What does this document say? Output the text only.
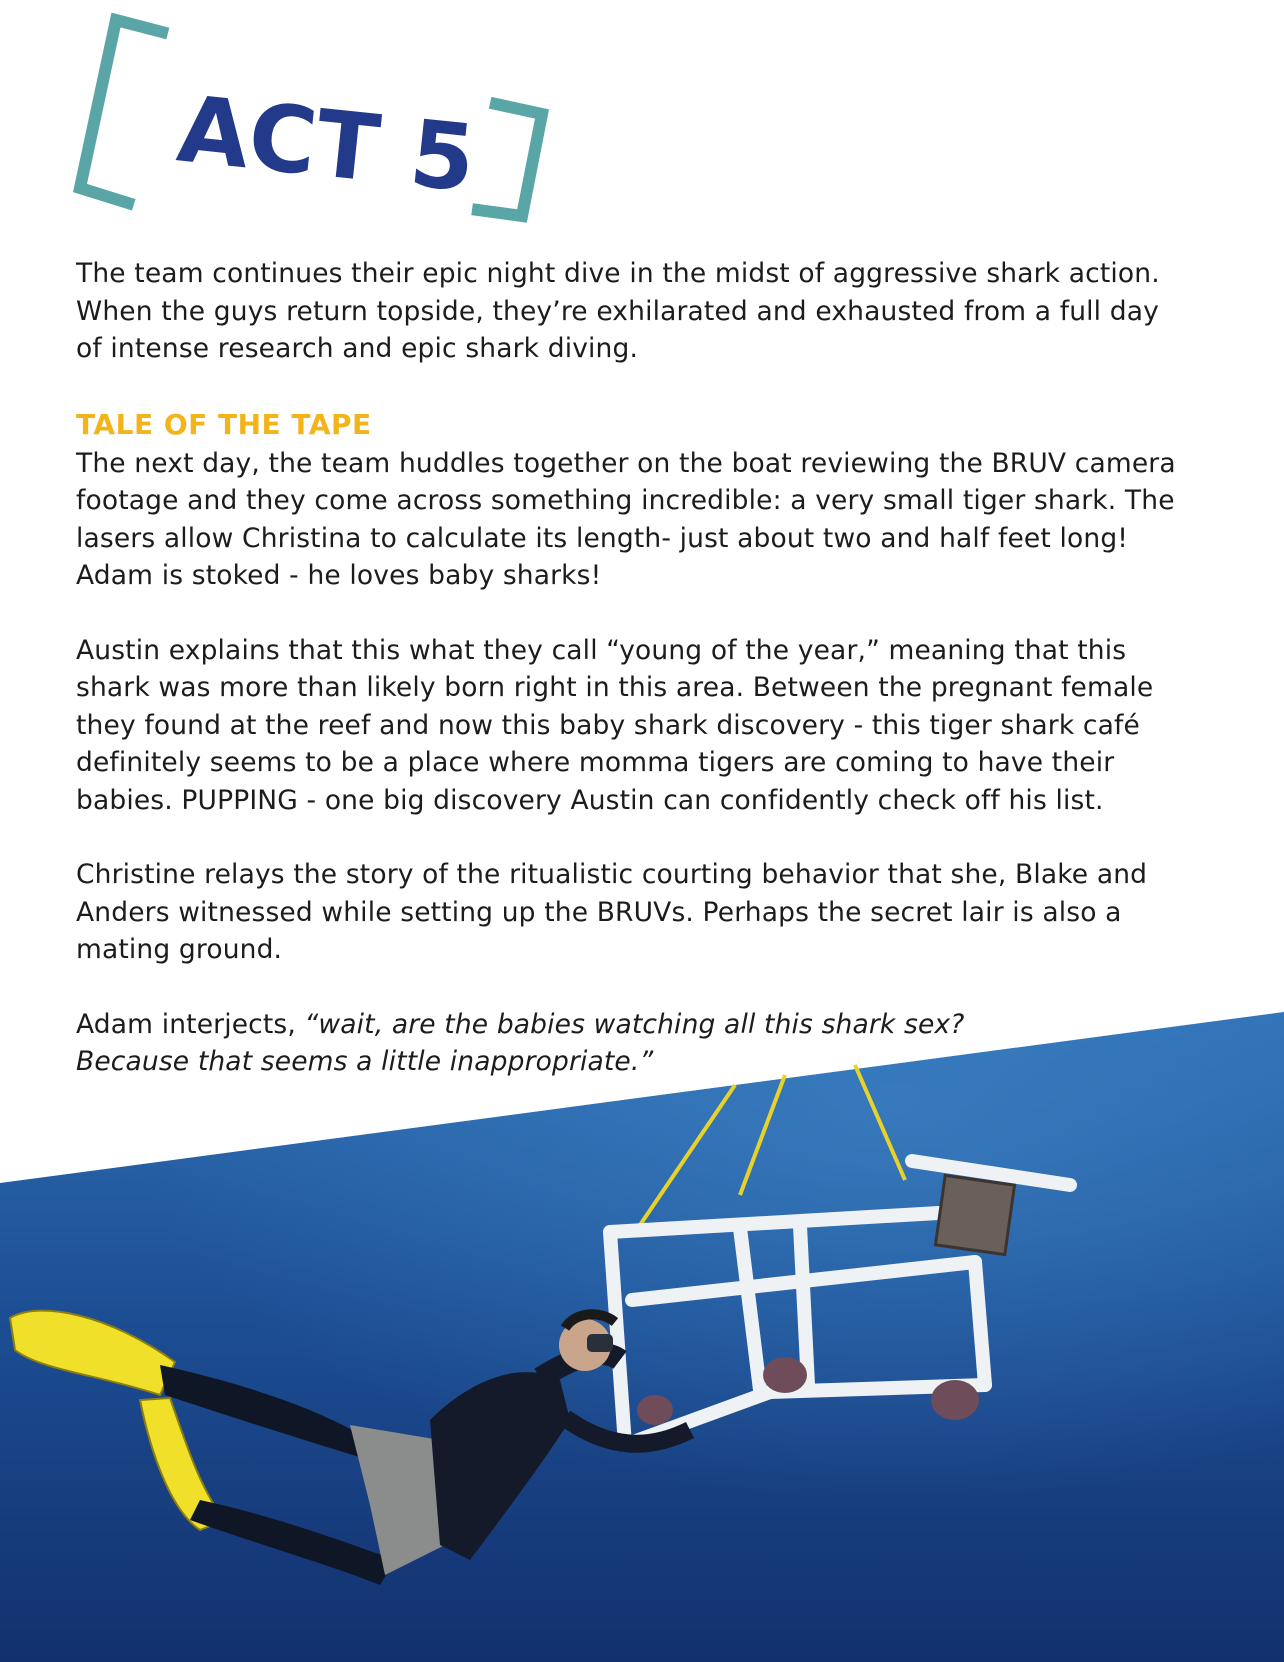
ACT 5

The team continues their epic night dive in the midst of aggressive shark action. When the guys return topside, they’re exhilarated and exhausted from a full day of intense research and epic shark diving.

TALE OF THE TAPE

The next day, the team huddles together on the boat reviewing the BRUV camera footage and they come across something incredible: a very small tiger shark. The lasers allow Christina to calculate its length- just about two and half feet long! Adam is stoked - he loves baby sharks!

Austin explains that this what they call “young of the year,” meaning that this shark was more than likely born right in this area. Between the pregnant female they found at the reef and now this baby shark discovery - this tiger shark café definitely seems to be a place where momma tigers are coming to have their babies. PUPPING - one big discovery Austin can confidently check off his list.

Christine relays the story of the ritualistic courting behavior that she, Blake and Anders witnessed while setting up the BRUVs. Perhaps the secret lair is also a mating ground.

Adam interjects, “wait, are the babies watching all this shark sex?
Because that seems a little inappropriate.”
